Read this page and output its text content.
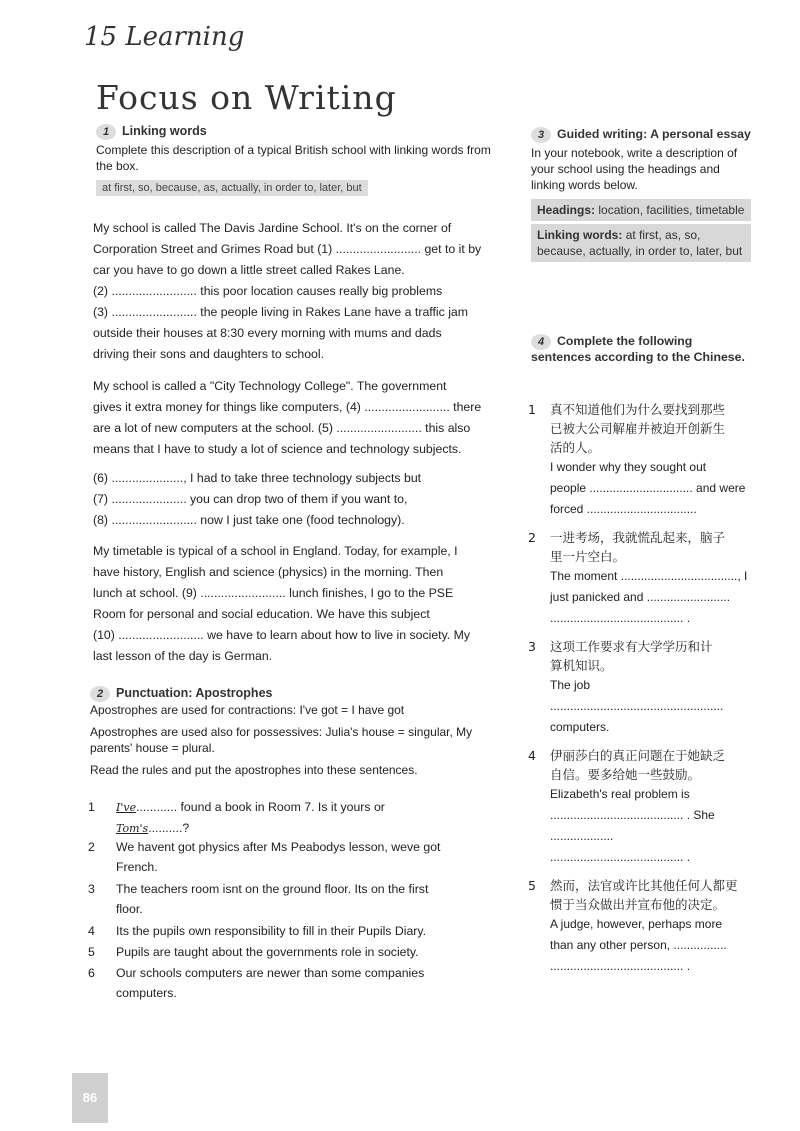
15 Learning
Focus on Writing
1 Linking words
Complete this description of a typical British school with linking words from the box.
at first, so, because, as, actually, in order to, later, but
My school is called The Davis Jardine School. It's on the corner of
Corporation Street and Grimes Road but (1) ......................... get to it by
car you have to go down a little street called Rakes Lane.
(2) ......................... this poor location causes really big problems
(3) ......................... the people living in Rakes Lane have a traffic jam
outside their houses at 8:30 every morning with mums and dads
driving their sons and daughters to school.
My school is called a "City Technology College". The government
gives it extra money for things like computers, (4) ......................... there
are a lot of new computers at the school. (5) ......................... this also
means that I have to study a lot of science and technology subjects.
(6) ....................., I had to take three technology subjects but
(7) ...................... you can drop two of them if you want to,
(8) ......................... now I just take one (food technology).
My timetable is typical of a school in England. Today, for example, I
have history, English and science (physics) in the morning. Then
lunch at school. (9) ......................... lunch finishes, I go to the PSE
Room for personal and social education. We have this subject
(10) ......................... we have to learn about how to live in society. My
last lesson of the day is German.
2 Punctuation: Apostrophes
Apostrophes are used for contractions: I've got = I have got
Apostrophes are used also for possessives: Julia's house = singular, My
parents' house = plural.
Read the rules and put the apostrophes into these sentences.
1	I've............ found a book in Room 7. Is it yours or
Tom's..........?
2	We havent got physics after Ms Peabodys lesson, weve got
French.
3	The teachers room isnt on the ground floor. Its on the first
floor.
4	Its the pupils own responsibility to fill in their Pupils Diary.
5	Pupils are taught about the governments role in society.
6	Our schools computers are newer than some companies
computers.
3 Guided writing: A personal essay
In your notebook, write a description of your school using the headings and linking words below.
Headings: location, facilities, timetable
Linking words: at first, as, so, because, actually, in order to, later, but
4 Complete the following sentences according to the Chinese.
1 真不知道他们为什么要找到那些
已被大公司解雇并被迫开创新生
活的人。
I wonder why they sought out
people ............................... and were
forced .................................
2 一进考场，我就慌乱起来，脑子
里一片空白。
The moment ..................................., I
just panicked and .........................
........................................ .
3 这项工作要求有大学学历和计
算机知识。
The job ....................................................
computers.
4 伊丽莎白的真正问题在于她缺乏
自信。要多给她一些鼓励。
Elizabeth's real problem is
........................................ . She ...................
........................................ .
5 然而，法官或许比其他任何人都更
惯于当众做出并宣布他的决定。
A judge, however, perhaps more
than any other person, ................
........................................ .
86
